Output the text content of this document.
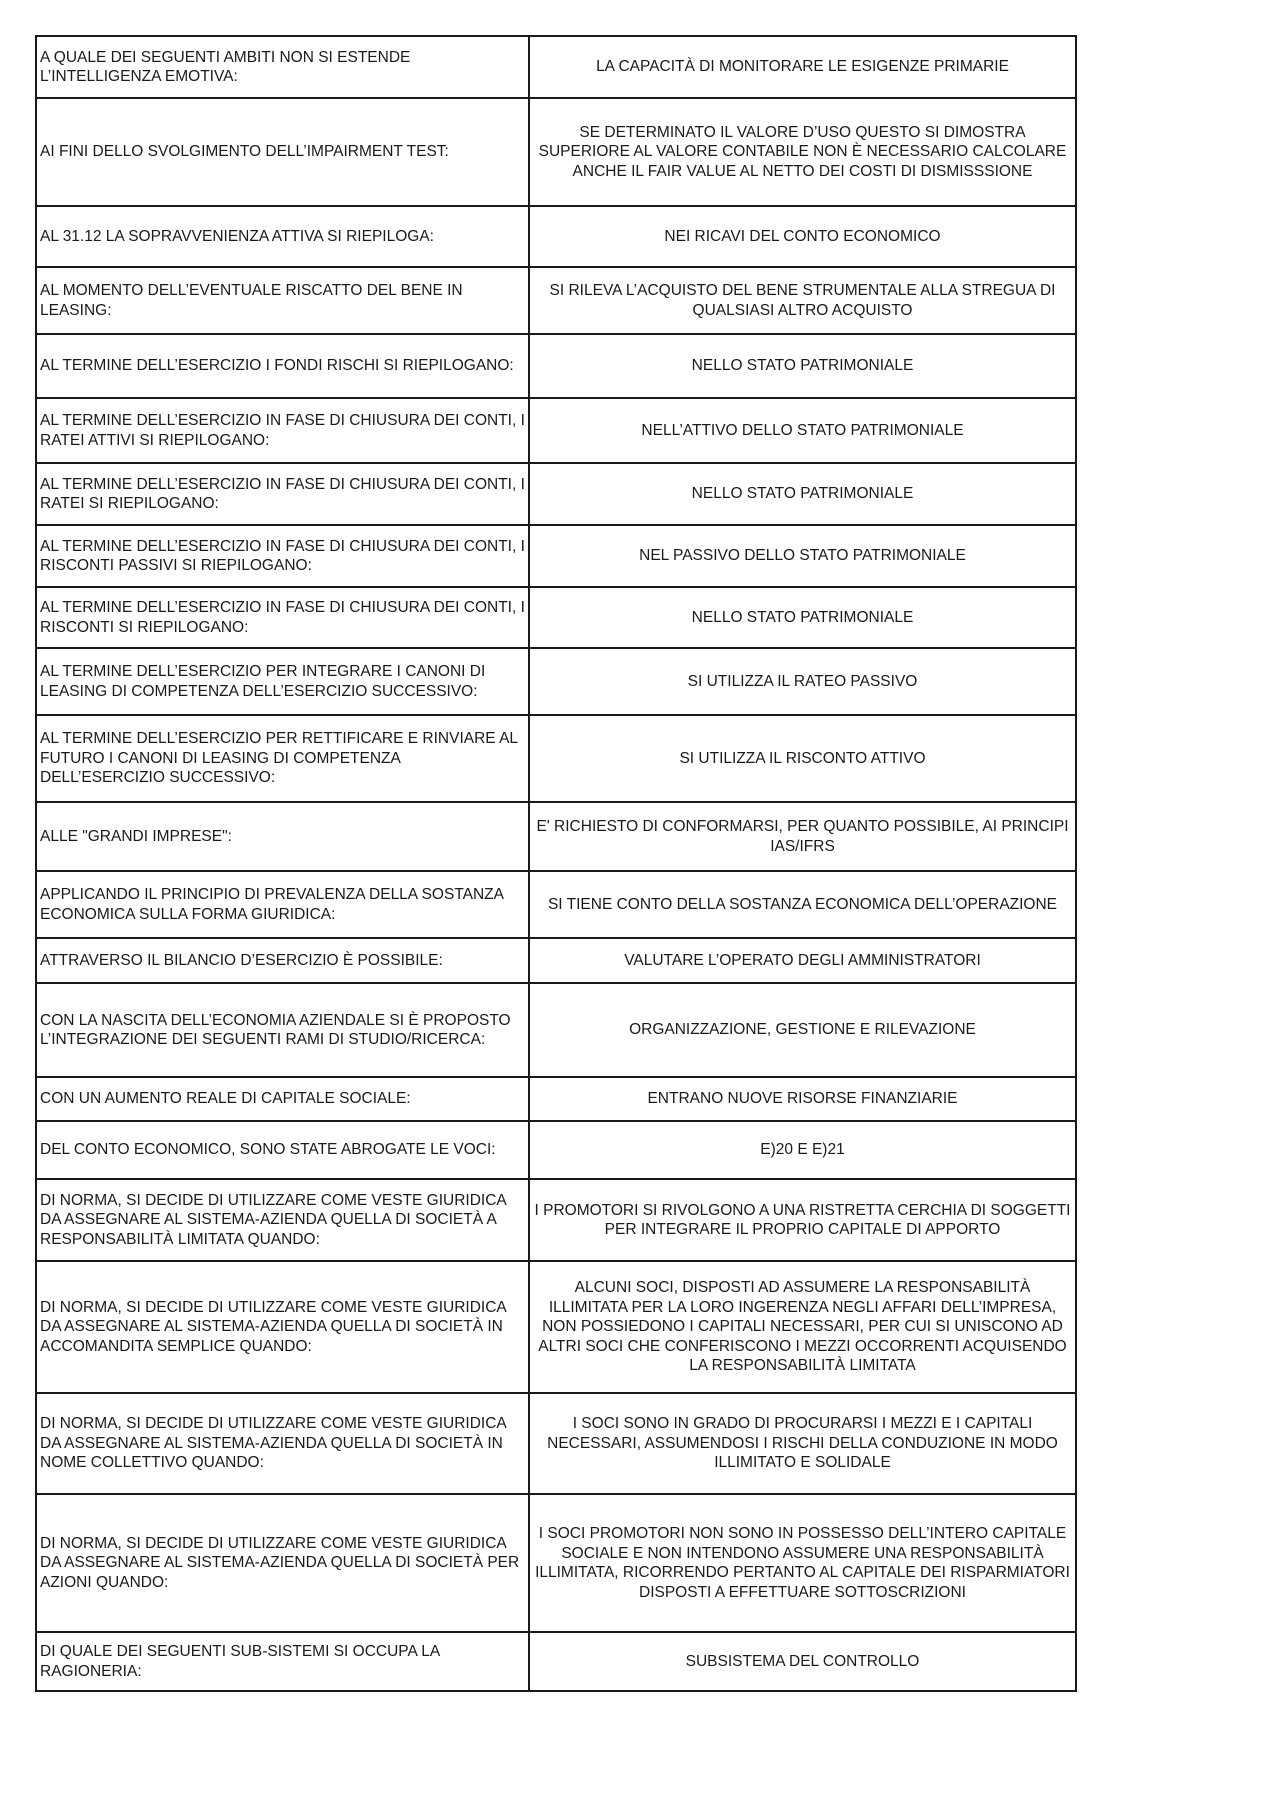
A QUALE DEI SEGUENTI AMBITI NON SI ESTENDE L’INTELLIGENZA EMOTIVA:	LA CAPACITÀ DI MONITORARE LE ESIGENZE PRIMARIE
AI FINI DELLO SVOLGIMENTO DELL’IMPAIRMENT TEST:	SE DETERMINATO IL VALORE D’USO QUESTO SI DIMOSTRA SUPERIORE AL VALORE CONTABILE NON È NECESSARIO CALCOLARE ANCHE IL FAIR VALUE AL NETTO DEI COSTI DI DISMISSSIONE
AL 31.12 LA SOPRAVVENIENZA ATTIVA SI RIEPILOGA:	NEI RICAVI DEL CONTO ECONOMICO
AL MOMENTO DELL’EVENTUALE RISCATTO DEL BENE IN LEASING:	SI RILEVA L’ACQUISTO DEL BENE STRUMENTALE ALLA STREGUA DI QUALSIASI ALTRO ACQUISTO
AL TERMINE DELL’ESERCIZIO I FONDI RISCHI SI RIEPILOGANO:	NELLO STATO PATRIMONIALE
AL TERMINE DELL’ESERCIZIO IN FASE DI CHIUSURA DEI CONTI, I RATEI ATTIVI SI RIEPILOGANO:	NELL’ATTIVO DELLO STATO PATRIMONIALE
AL TERMINE DELL’ESERCIZIO IN FASE DI CHIUSURA DEI CONTI, I RATEI SI RIEPILOGANO:	NELLO STATO PATRIMONIALE
AL TERMINE DELL’ESERCIZIO IN FASE DI CHIUSURA DEI CONTI, I RISCONTI PASSIVI SI RIEPILOGANO:	NEL PASSIVO DELLO STATO PATRIMONIALE
AL TERMINE DELL’ESERCIZIO IN FASE DI CHIUSURA DEI CONTI, I RISCONTI SI RIEPILOGANO:	NELLO STATO PATRIMONIALE
AL TERMINE DELL’ESERCIZIO PER INTEGRARE I CANONI DI LEASING DI COMPETENZA DELL’ESERCIZIO SUCCESSIVO:	SI UTILIZZA IL RATEO PASSIVO
AL TERMINE DELL’ESERCIZIO PER RETTIFICARE E RINVIARE AL FUTURO I CANONI DI LEASING DI COMPETENZA DELL’ESERCIZIO SUCCESSIVO:	SI UTILIZZA IL RISCONTO ATTIVO
ALLE "GRANDI IMPRESE":	E' RICHIESTO DI CONFORMARSI, PER QUANTO POSSIBILE, AI PRINCIPI IAS/IFRS
APPLICANDO IL PRINCIPIO DI PREVALENZA DELLA SOSTANZA ECONOMICA SULLA FORMA GIURIDICA:	SI TIENE CONTO DELLA SOSTANZA ECONOMICA DELL’OPERAZIONE
ATTRAVERSO IL BILANCIO D’ESERCIZIO È POSSIBILE:	VALUTARE L’OPERATO DEGLI AMMINISTRATORI
CON LA NASCITA DELL’ECONOMIA AZIENDALE SI È PROPOSTO L’INTEGRAZIONE DEI SEGUENTI RAMI DI STUDIO/RICERCA:	ORGANIZZAZIONE, GESTIONE E RILEVAZIONE
CON UN AUMENTO REALE DI CAPITALE SOCIALE:	ENTRANO NUOVE RISORSE FINANZIARIE
DEL CONTO ECONOMICO, SONO STATE ABROGATE LE VOCI:	E)20 E E)21
DI NORMA, SI DECIDE DI UTILIZZARE COME VESTE GIURIDICA DA ASSEGNARE AL SISTEMA-AZIENDA QUELLA DI SOCIETÀ A RESPONSABILITÀ LIMITATA QUANDO:	I PROMOTORI SI RIVOLGONO A UNA RISTRETTA CERCHIA DI SOGGETTI PER INTEGRARE IL PROPRIO CAPITALE DI APPORTO
DI NORMA, SI DECIDE DI UTILIZZARE COME VESTE GIURIDICA DA ASSEGNARE AL SISTEMA-AZIENDA QUELLA DI SOCIETÀ IN ACCOMANDITA SEMPLICE QUANDO:	ALCUNI SOCI, DISPOSTI AD ASSUMERE LA RESPONSABILITÀ ILLIMITATA PER LA LORO INGERENZA NEGLI AFFARI DELL’IMPRESA, NON POSSIEDONO I CAPITALI NECESSARI, PER CUI SI UNISCONO AD ALTRI SOCI CHE CONFERISCONO I MEZZI OCCORRENTI ACQUISENDO LA RESPONSABILITÀ LIMITATA
DI NORMA, SI DECIDE DI UTILIZZARE COME VESTE GIURIDICA DA ASSEGNARE AL SISTEMA-AZIENDA QUELLA DI SOCIETÀ IN NOME COLLETTIVO QUANDO:	I SOCI SONO IN GRADO DI PROCURARSI I MEZZI E I CAPITALI NECESSARI, ASSUMENDOSI I RISCHI DELLA CONDUZIONE IN MODO ILLIMITATO E SOLIDALE
DI NORMA, SI DECIDE DI UTILIZZARE COME VESTE GIURIDICA DA ASSEGNARE AL SISTEMA-AZIENDA QUELLA DI SOCIETÀ PER AZIONI QUANDO:	I SOCI PROMOTORI NON SONO IN POSSESSO DELL’INTERO CAPITALE SOCIALE E NON INTENDONO ASSUMERE UNA RESPONSABILITÀ ILLIMITATA, RICORRENDO PERTANTO AL CAPITALE DEI RISPARMIATORI DISPOSTI A EFFETTUARE SOTTOSCRIZIONI
DI QUALE DEI SEGUENTI SUB-SISTEMI SI OCCUPA LA RAGIONERIA:	SUBSISTEMA DEL CONTROLLO
